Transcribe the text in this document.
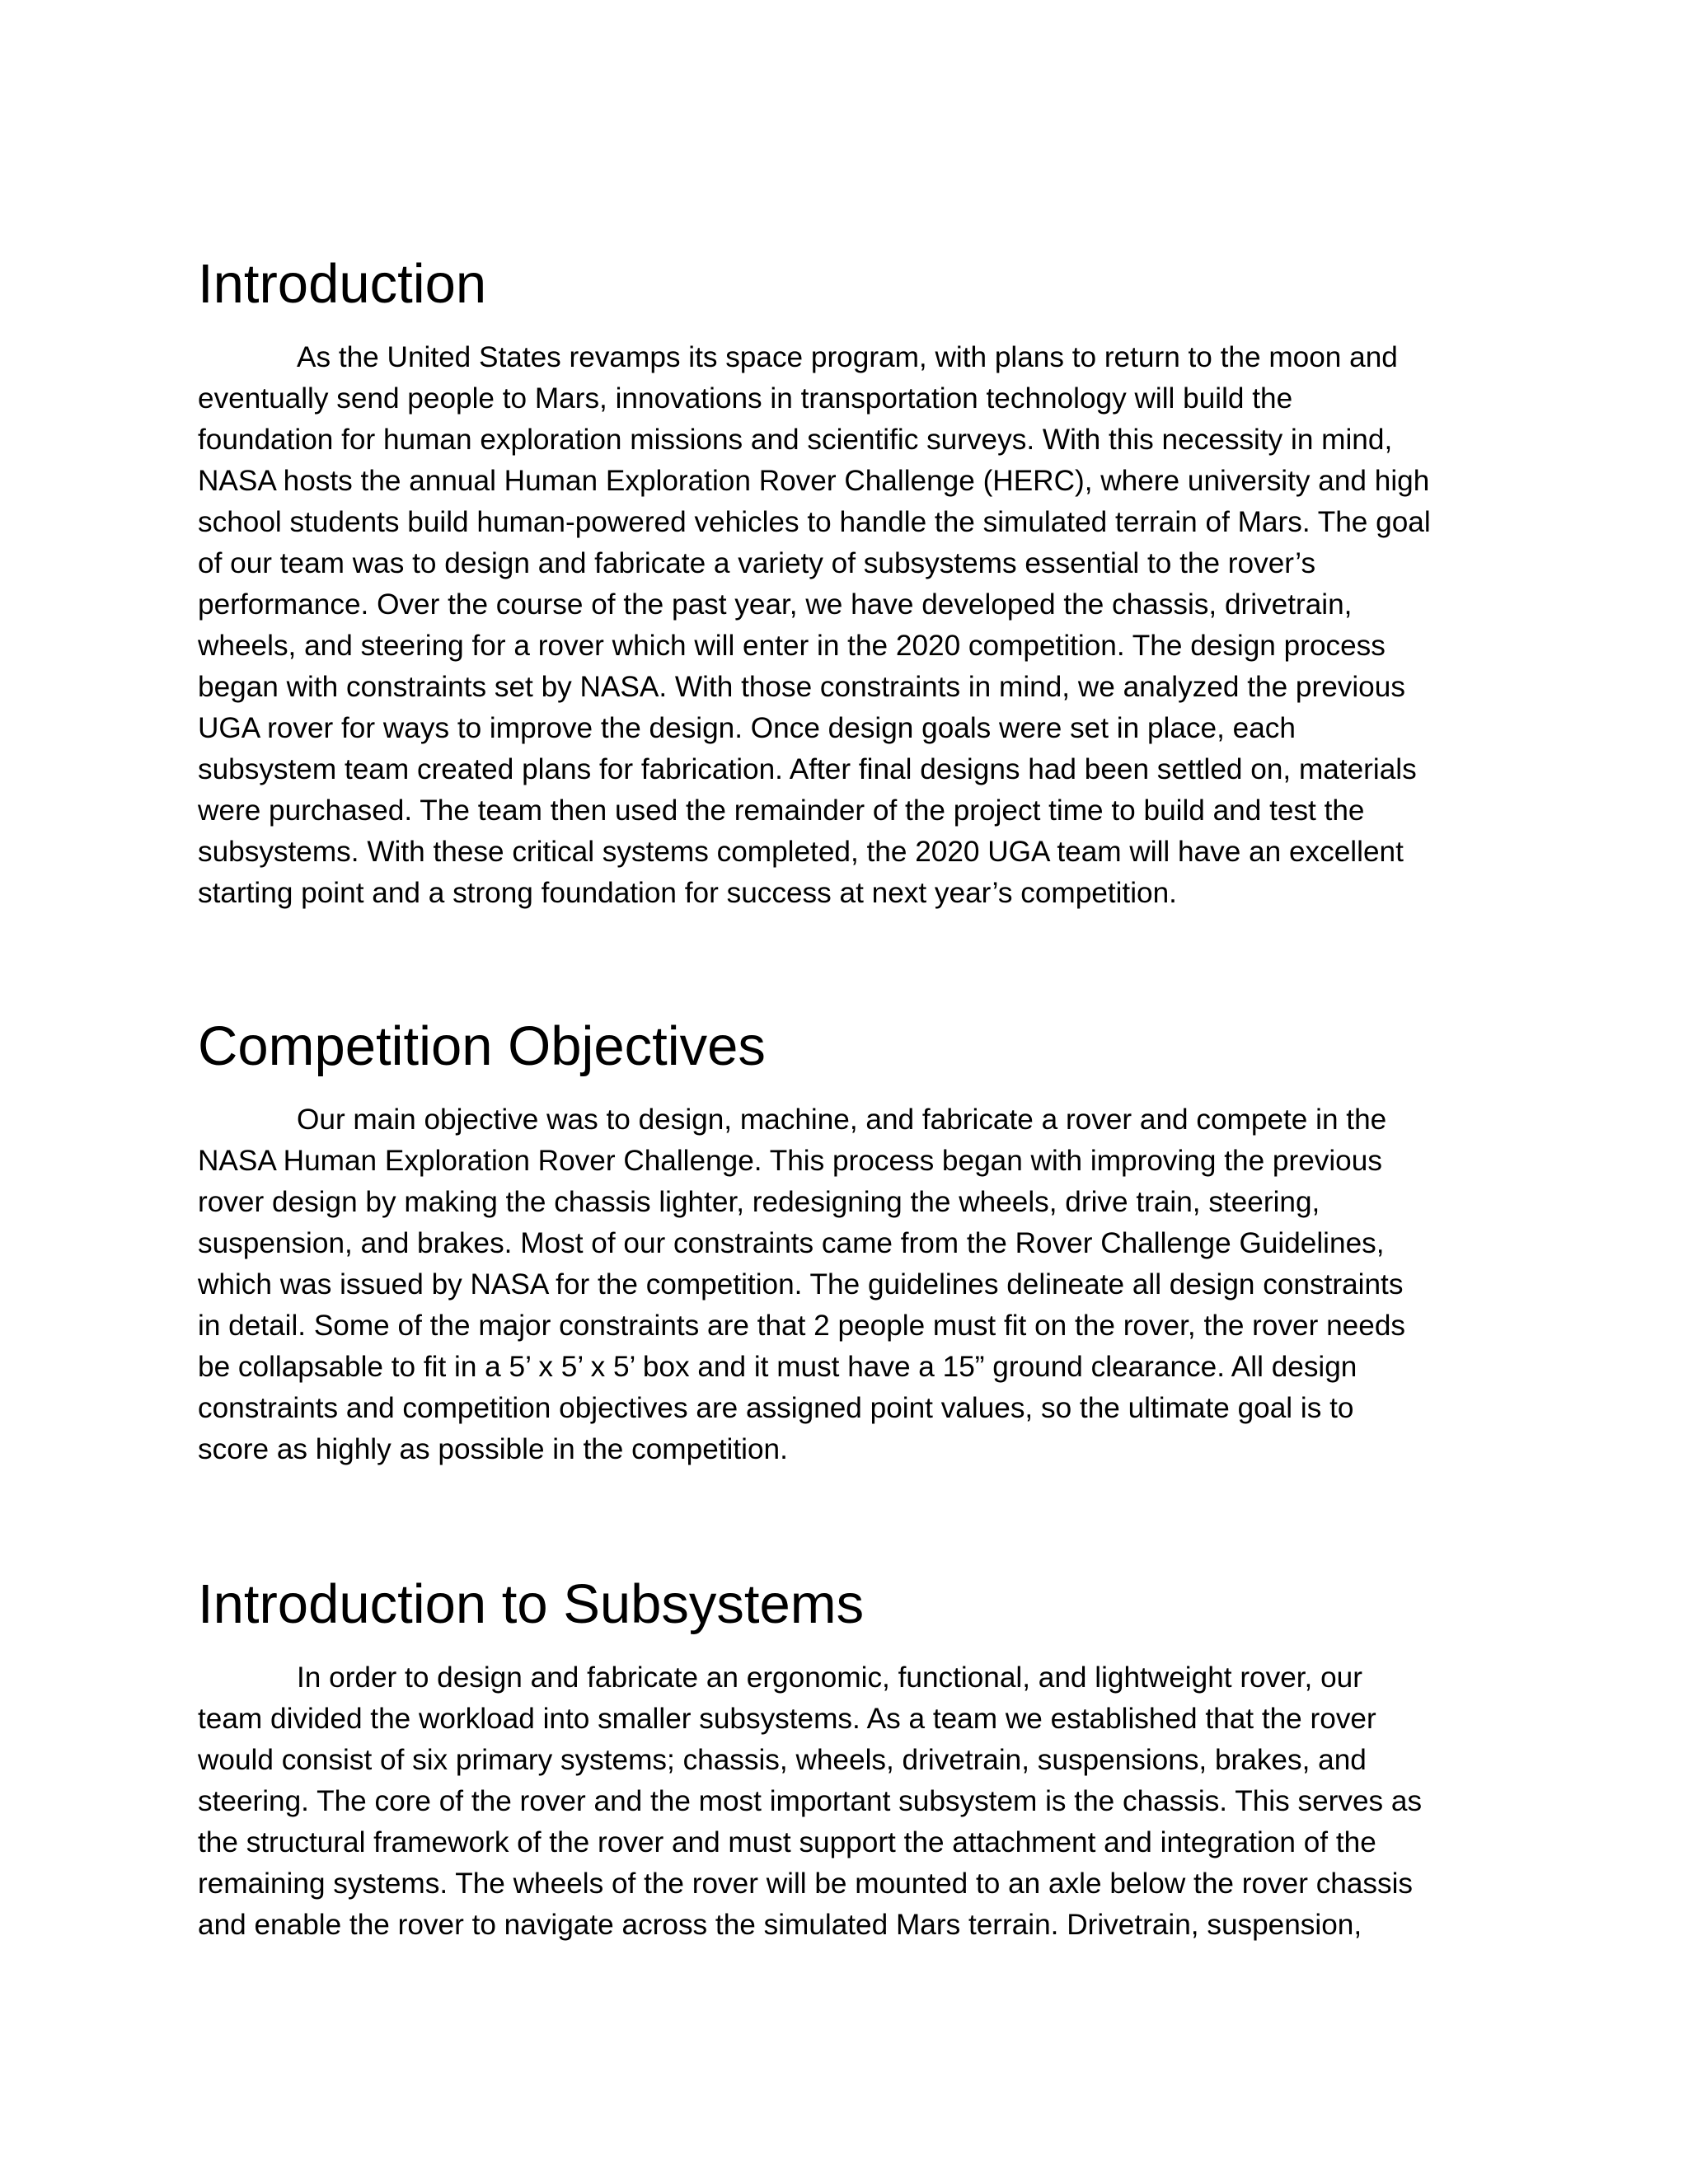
Introduction
As the United States revamps its space program, with plans to return to the moon and
eventually send people to Mars, innovations in transportation technology will build the
foundation for human exploration missions and scientific surveys. With this necessity in mind,
NASA hosts the annual Human Exploration Rover Challenge (HERC), where university and high
school students build human-powered vehicles to handle the simulated terrain of Mars. The goal
of our team was to design and fabricate a variety of subsystems essential to the rover’s
performance. Over the course of the past year, we have developed the chassis, drivetrain,
wheels, and steering for a rover which will enter in the 2020 competition. The design process
began with constraints set by NASA. With those constraints in mind, we analyzed the previous
UGA rover for ways to improve the design. Once design goals were set in place, each
subsystem team created plans for fabrication. After final designs had been settled on, materials
were purchased. The team then used the remainder of the project time to build and test the
subsystems. With these critical systems completed, the 2020 UGA team will have an excellent
starting point and a strong foundation for success at next year’s competition.
Competition Objectives
Our main objective was to design, machine, and fabricate a rover and compete in the
NASA Human Exploration Rover Challenge. This process began with improving the previous
rover design by making the chassis lighter, redesigning the wheels, drive train, steering,
suspension, and brakes. Most of our constraints came from the Rover Challenge Guidelines,
which was issued by NASA for the competition. The guidelines delineate all design constraints
in detail. Some of the major constraints are that 2 people must fit on the rover, the rover needs
be collapsable to fit in a 5’ x 5’ x 5’ box and it must have a 15” ground clearance. All design
constraints and competition objectives are assigned point values, so the ultimate goal is to
score as highly as possible in the competition.
Introduction to Subsystems
In order to design and fabricate an ergonomic, functional, and lightweight rover, our
team divided the workload into smaller subsystems. As a team we established that the rover
would consist of six primary systems; chassis, wheels, drivetrain, suspensions, brakes, and
steering. The core of the rover and the most important subsystem is the chassis. This serves as
the structural framework of the rover and must support the attachment and integration of the
remaining systems. The wheels of the rover will be mounted to an axle below the rover chassis
and enable the rover to navigate across the simulated Mars terrain. Drivetrain, suspension,
